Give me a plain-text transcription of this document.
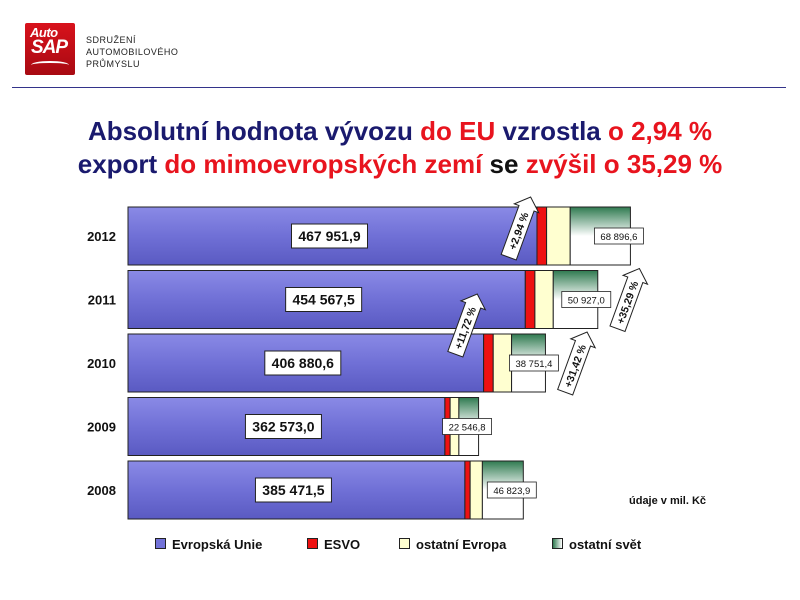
Auto
SAP SDRUŽENÍ
AUTOMOBILOVÉHO
PRŮMYSLU
Absolutní hodnota vývozu do EU vzrostla o 2,94 %
export do mimoevropských zemí se zvýšil o 35,29 %
2012	467 951,9	68 896,6
2011	454 567,5	50 927,0
2010	406 880,6	38 751,4
2009	362 573,0	22 546,8
2008	385 471,5	46 823,9
+2,94 %
+35,29 %
+11,72 %
+31,42 %
údaje v mil. Kč
Evropská Unie	ESVO	ostatní Evropa	ostatní svět
